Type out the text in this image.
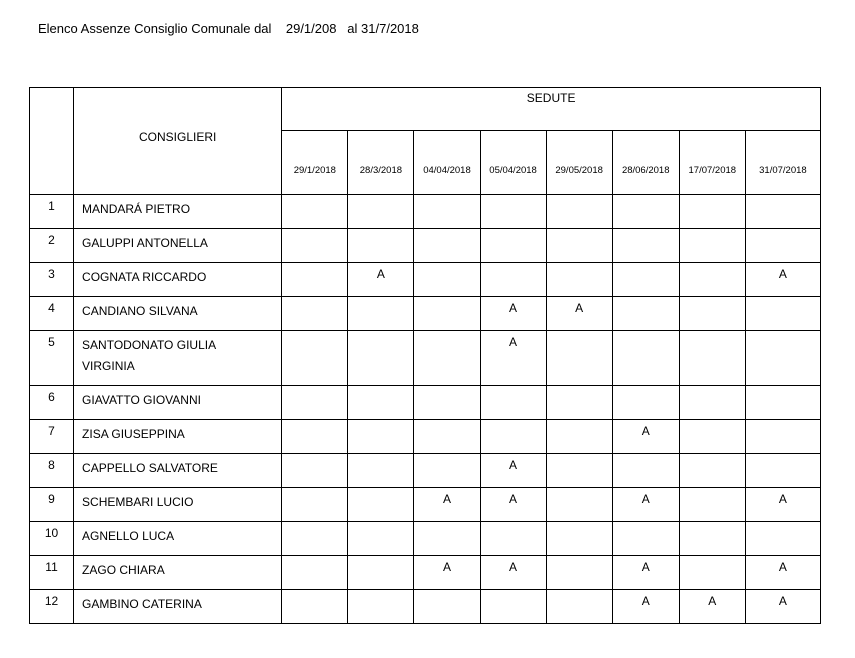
Elenco Assenze Consiglio Comunale dal    29/1/208   al 31/7/2018
	CONSIGLIERI	SEDUTE							
		29/1/2018	28/3/2018	04/04/2018	05/04/2018	29/05/2018	28/06/2018	17/07/2018	31/07/2018
1	MANDARÁ PIETRO								

2	GALUPPI ANTONELLA								

3	COGNATA RICCARDO		A						A
4	CANDIANO SILVANA				A	A			
5	SANTODONATO GIULIA
VIRGINIA				A				
6	GIAVATTO GIOVANNI								

7	ZISA GIUSEPPINA						A		
8	CAPPELLO SALVATORE				A				
9	SCHEMBARI LUCIO			A	A		A		A
10	AGNELLO LUCA								

11	ZAGO CHIARA			A	A		A		A
12	GAMBINO CATERINA						A	A	A
